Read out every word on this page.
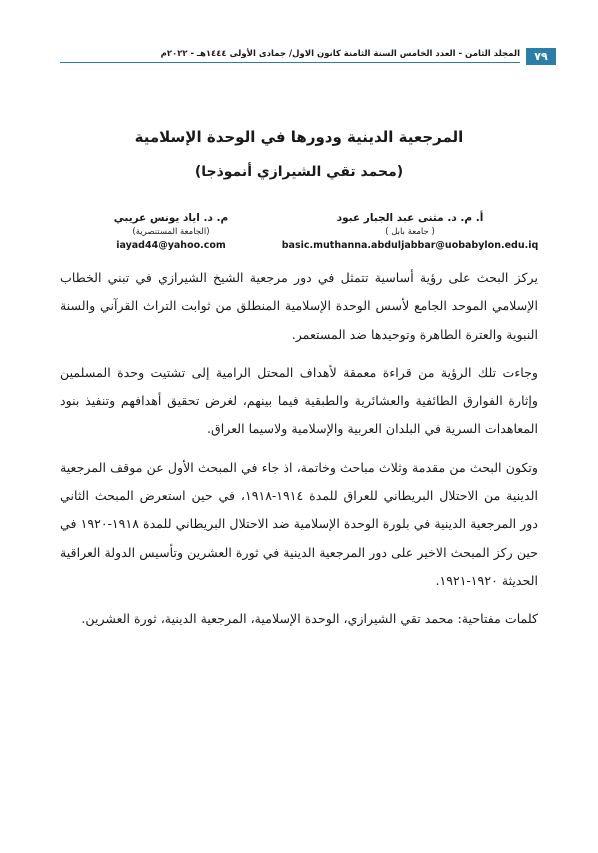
٧٩
المجلد الثامن - العدد الخامس السنة الثامنة كانون الاول/ جمادى الأولى ١٤٤٤هـ - ٢٠٢٢م
المرجعية الدينية ودورها في الوحدة الإسلامية
(محمد تقي الشيرازي أنموذجا)
أ. م. د. مثنى عبد الجبار عبود
( جامعة بابل )
basic.muthanna.abduljabbar@uobabylon.edu.iq
م. د. اياد يونس عريبي
(الجامعة المستنصرية)
iayad44@yahoo.com

يركز البحث على رؤية أساسية تتمثل في دور مرجعية الشيخ الشيرازي في تبني الخطاب الإسلامي الموحد الجامع لأسس الوحدة الإسلامية المنطلق من ثوابت التراث القرآني والسنة النبوية والعترة الطاهرة وتوحيدها ضد المستعمر.

وجاءت تلك الرؤية من قراءة معمقة لأهداف المحتل الرامية إلى تشتيت وحدة المسلمين وإثارة الفوارق الطائفية والعشائرية والطبقية فيما بينهم، لغرض تحقيق أهدافهم وتنفيذ بنود المعاهدات السرية في البلدان العربية والإسلامية ولاسيما العراق.

وتكون البحث من مقدمة وثلاث مباحث وخاتمة، اذ جاء في المبحث الأول عن موقف المرجعية الدينية من الاحتلال البريطاني للعراق للمدة ١٩١٤-١٩١٨، في حين استعرض المبحث الثاني دور المرجعية الدينية في بلورة الوحدة الإسلامية ضد الاحتلال البريطاني للمدة ١٩١٨-١٩٢٠ في حين ركز المبحث الاخير على دور المرجعية الدينية في ثورة العشرين وتأسيس الدولة العراقية الحديثة ١٩٢٠-١٩٢١.

كلمات مفتاحية: محمد تقي الشيرازي، الوحدة الإسلامية، المرجعية الدينية، ثورة العشرين.
